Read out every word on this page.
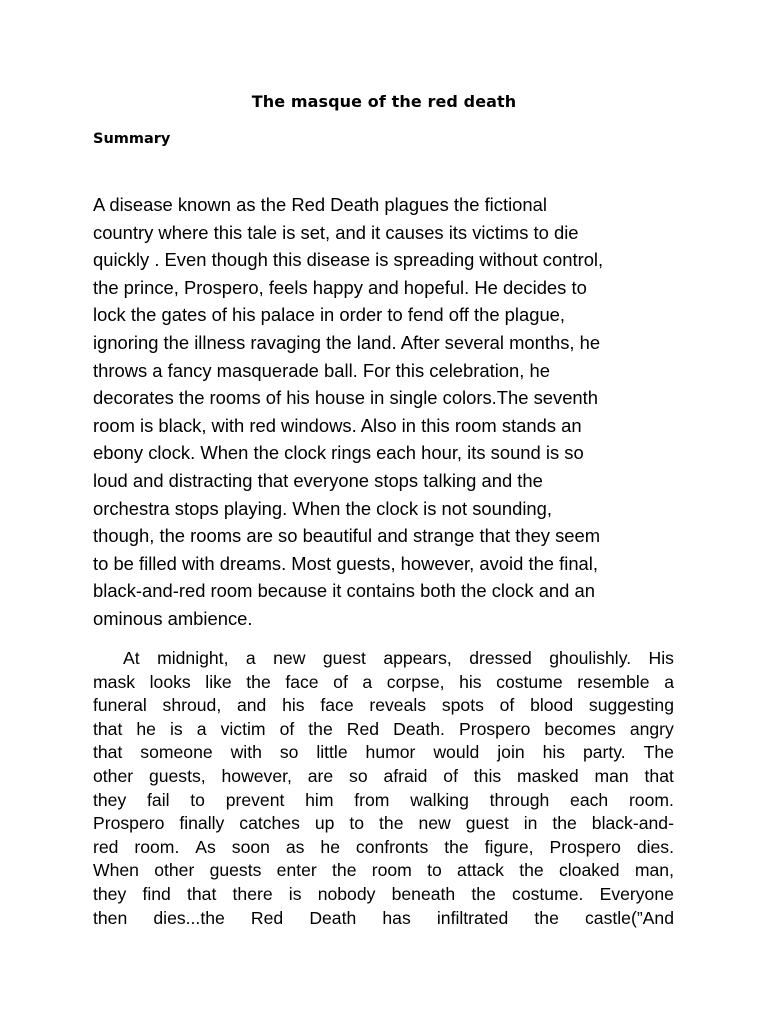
The masque of the red death
Summary
A disease known as the Red Death plagues the fictional
country where this tale is set, and it causes its victims to die
quickly . Even though this disease is spreading without control,
the prince, Prospero, feels happy and hopeful. He decides to
lock the gates of his palace in order to fend off the plague,
ignoring the illness ravaging the land. After several months, he
throws a fancy masquerade ball. For this celebration, he
decorates the rooms of his house in single colors.The seventh
room is black, with red windows. Also in this room stands an
ebony clock. When the clock rings each hour, its sound is so
loud and distracting that everyone stops talking and the
orchestra stops playing. When the clock is not sounding,
though, the rooms are so beautiful and strange that they seem
to be filled with dreams. Most guests, however, avoid the final,
black-and-red room because it contains both the clock and an
ominous ambience.
At midnight, a new guest appears, dressed ghoulishly. His
mask looks like the face of a corpse, his costume resemble a
funeral shroud, and his face reveals spots of blood suggesting
that he is a victim of the Red Death. Prospero becomes angry
that someone with so little humor would join his party. The
other guests, however, are so afraid of this masked man that
they fail to prevent him from walking through each room.
Prospero finally catches up to the new guest in the black-and-
red room. As soon as he confronts the figure, Prospero dies.
When other guests enter the room to attack the cloaked man,
they find that there is nobody beneath the costume. Everyone
then dies...the Red Death has infiltrated the castle(”And
